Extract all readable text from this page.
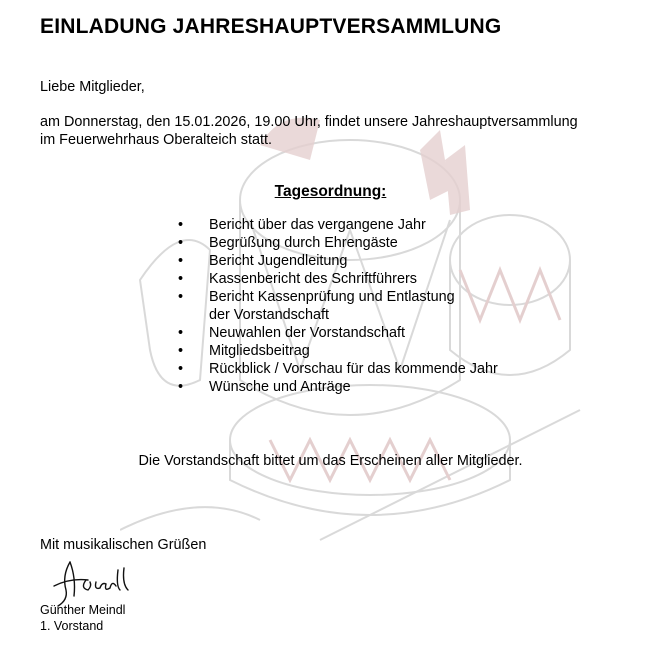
EINLADUNG JAHRESHAUPTVERSAMMLUNG
Liebe Mitglieder,
am Donnerstag, den 15.01.2026, 19.00 Uhr, findet unsere Jahreshauptversammlung
im Feuerwehrhaus Oberalteich statt.
Tagesordnung:
• Bericht über das vergangene Jahr
• Begrüßung durch Ehrengäste
• Bericht Jugendleitung
• Kassenbericht des Schriftführers
• Bericht Kassenprüfung und Entlastung
der Vorstandschaft
• Neuwahlen der Vorstandschaft
• Mitgliedsbeitrag
• Rückblick / Vorschau für das kommende Jahr
• Wünsche und Anträge
Die Vorstandschaft bittet um das Erscheinen aller Mitglieder.
Mit musikalischen Grüßen
Günther Meindl
1. Vorstand
